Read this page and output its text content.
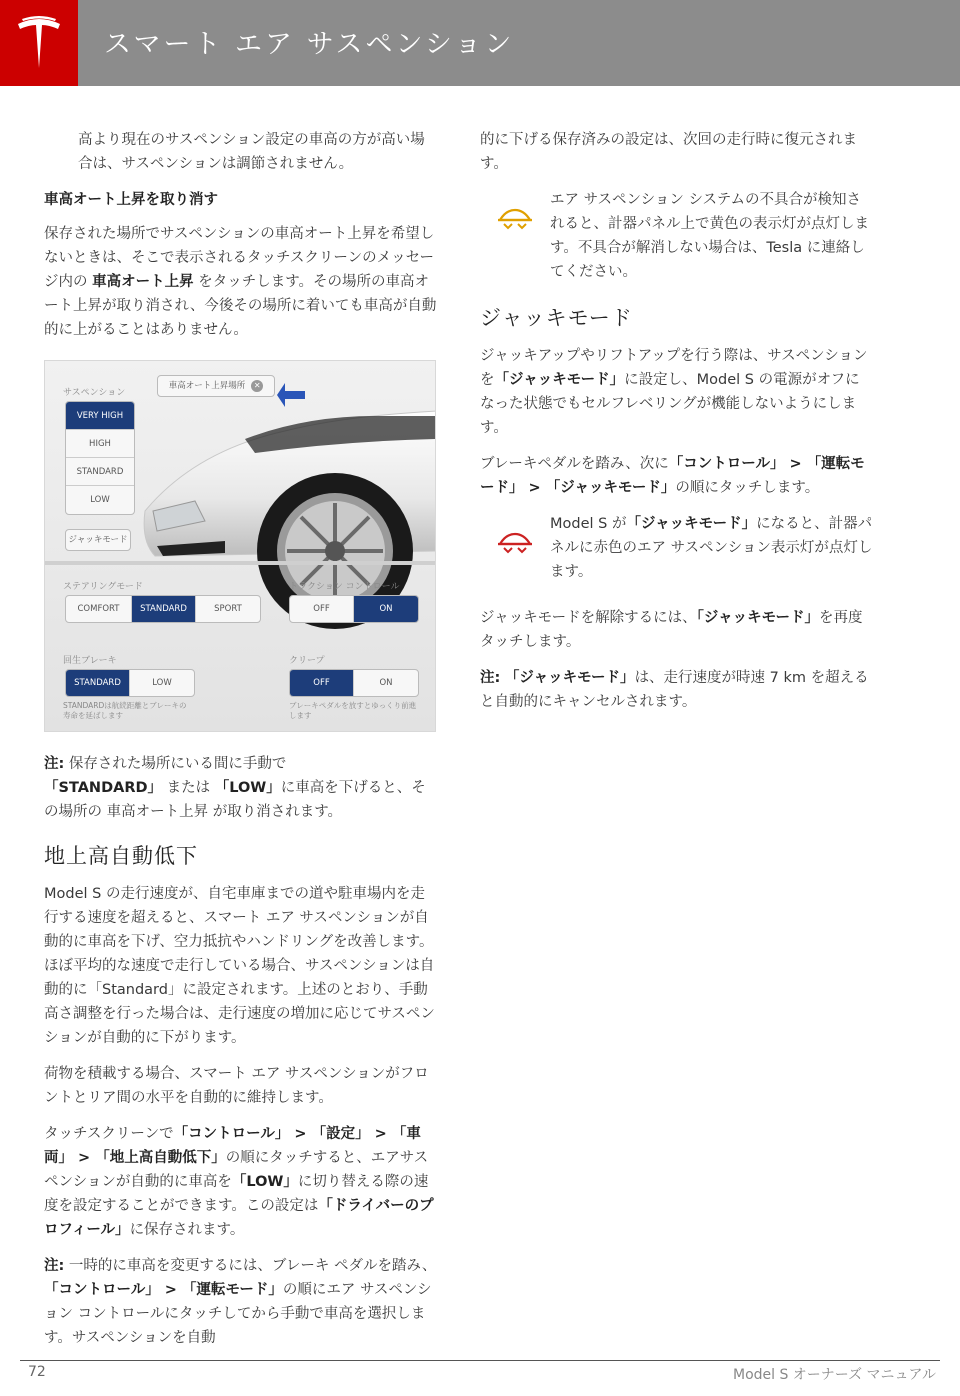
スマート エア サスペンション

高より現在のサスペンション設定の車高の方が高い場合は、サスペンションは調節されません。

車高オート上昇を取り消す

保存された場所でサスペンションの車高オート上昇を希望しないときは、そこで表示されるタッチスクリーンのメッセージ内の 車高オート上昇 をタッチします。その場所の車高オート上昇が取り消され、今後その場所に着いても車高が自動的に上がることはありません。

サスペンション
車高オート上昇場所	✕
VERY HIGH
HIGH
STANDARD
LOW
ジャッキモード
ステアリングモード
COMFORT	STANDARD	SPORT
トラクション コントロール
OFF	ON
回生ブレーキ
STANDARD	LOW
STANDARDは航続距離とブレーキの寿命を延ばします
クリープ
OFF	ON
ブレーキペダルを放すとゆっくり前進します

注: 保存された場所にいる間に手動で
「STANDARD」 または 「LOW」に車高を下げると、その場所の 車高オート上昇 が取り消されます。

地上高自動低下

Model S の走行速度が、自宅車庫までの道や駐車場内を走行する速度を超えると、スマート エア サスペンションが自動的に車高を下げ、空力抵抗やハンドリングを改善します。ほぼ平均的な速度で走行している場合、サスペンションは自動的に「Standard」に設定されます。上述のとおり、手動高さ調整を行った場合は、走行速度の増加に応じてサスペンションが自動的に下がります。

荷物を積載する場合、スマート エア サスペンションがフロントとリア間の水平を自動的に維持します。

タッチスクリーンで「コントロール」 > 「設定」 > 「車両」 > 「地上高自動低下」の順にタッチすると、エアサスペンションが自動的に車高を「LOW」に切り替える際の速度を設定することができます。この設定は「ドライバーのプロフィール」に保存されます。

注: 一時的に車高を変更するには、ブレーキ ペダルを踏み、「コントロール」 > 「運転モード」の順にエア サスペンション コントロールにタッチしてから手動で車高を選択します。サスペンションを自動

的に下げる保存済みの設定は、次回の走行時に復元されます。

エア サスペンション システムの不具合が検知されると、計器パネル上で黄色の表示灯が点灯します。不具合が解消しない場合は、Tesla に連絡してください。
ジャッキモード

ジャッキアップやリフトアップを行う際は、サスペンションを「ジャッキモード」に設定し、Model S の電源がオフになった状態でもセルフレベリングが機能しないようにします。

ブレーキペダルを踏み、次に「コントロール」 > 「運転モード」 > 「ジャッキモード」の順にタッチします。

Model S が「ジャッキモード」になると、計器パネルに赤色のエア サスペンション表示灯が点灯します。

ジャッキモードを解除するには、「ジャッキモード」を再度タッチします。

注: 「ジャッキモード」は、走行速度が時速 7 km を超えると自動的にキャンセルされます。

72	Model S オーナーズ マニュアル
